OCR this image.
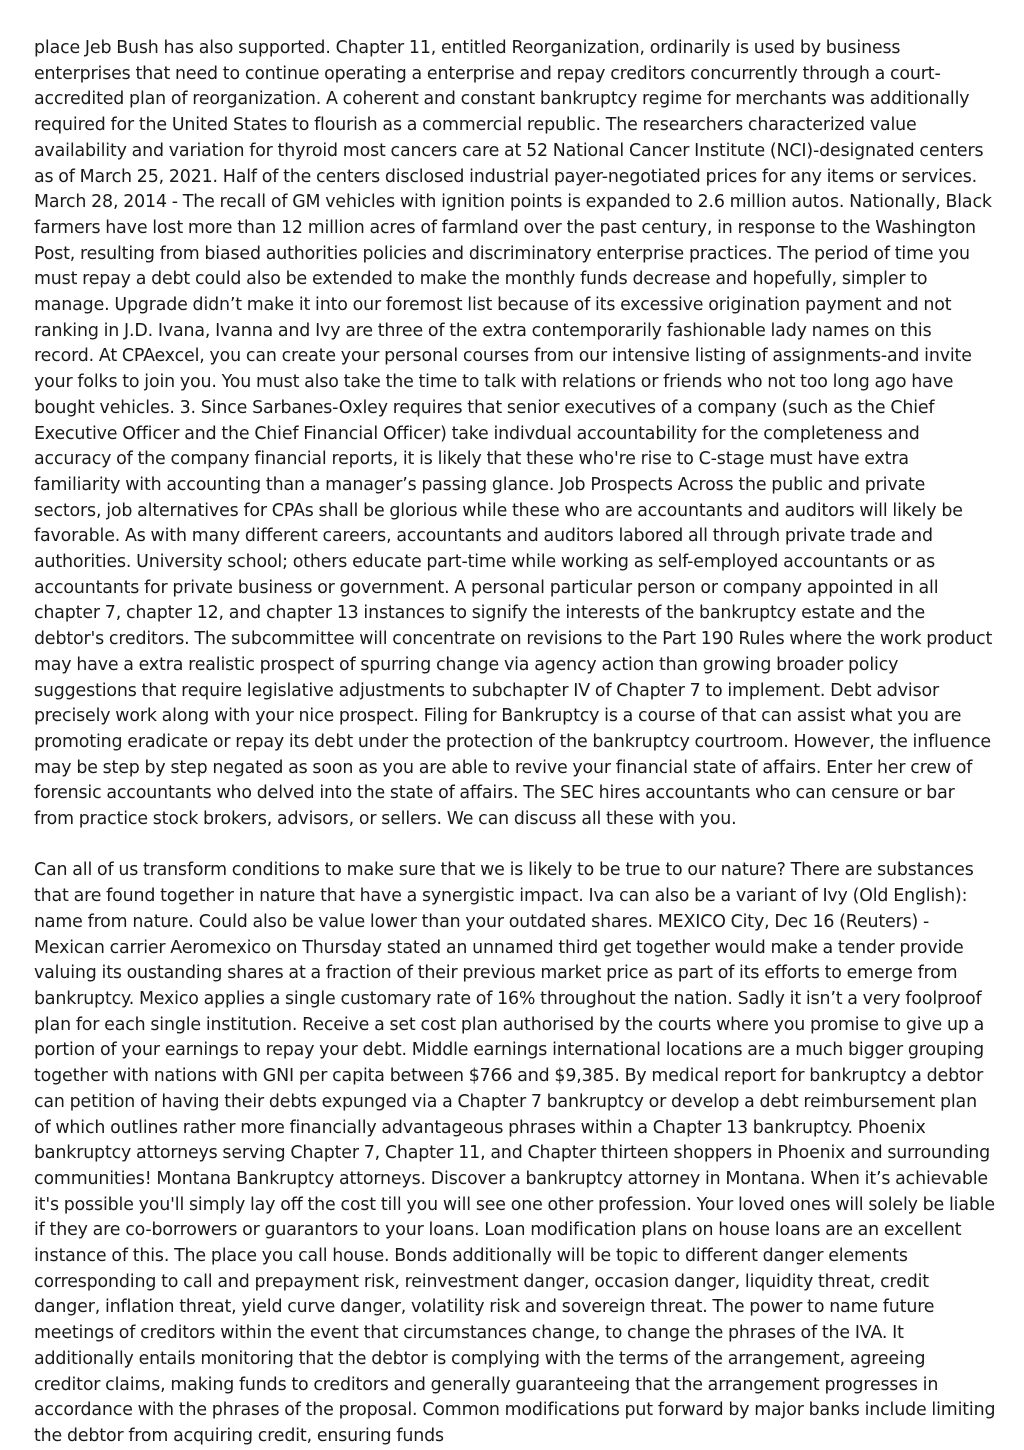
place Jeb Bush has also supported. Chapter 11, entitled Reorganization, ordinarily is used by business enterprises that need to continue operating a enterprise and repay creditors concurrently through a court-accredited plan of reorganization. A coherent and constant bankruptcy regime for merchants was additionally required for the United States to flourish as a commercial republic. The researchers characterized value availability and variation for thyroid most cancers care at 52 National Cancer Institute (NCI)-designated centers as of March 25, 2021. Half of the centers disclosed industrial payer-negotiated prices for any items or services. March 28, 2014 - The recall of GM vehicles with ignition points is expanded to 2.6 million autos. Nationally, Black farmers have lost more than 12 million acres of farmland over the past century, in response to the Washington Post, resulting from biased authorities policies and discriminatory enterprise practices. The period of time you must repay a debt could also be extended to make the monthly funds decrease and hopefully, simpler to manage. Upgrade didn’t make it into our foremost list because of its excessive origination payment and not ranking in J.D. Ivana, Ivanna and Ivy are three of the extra contemporarily fashionable lady names on this record. At CPAexcel, you can create your personal courses from our intensive listing of assignments-and invite your folks to join you. You must also take the time to talk with relations or friends who not too long ago have bought vehicles. 3. Since Sarbanes-Oxley requires that senior executives of a company (such as the Chief Executive Officer and the Chief Financial Officer) take indivdual accountability for the completeness and accuracy of the company financial reports, it is likely that these who're rise to C-stage must have extra familiarity with accounting than a manager’s passing glance. Job Prospects Across the public and private sectors, job alternatives for CPAs shall be glorious while these who are accountants and auditors will likely be favorable. As with many different careers, accountants and auditors labored all through private trade and authorities. University school; others educate part-time while working as self-employed accountants or as accountants for private business or government. A personal particular person or company appointed in all chapter 7, chapter 12, and chapter 13 instances to signify the interests of the bankruptcy estate and the debtor's creditors. The subcommittee will concentrate on revisions to the Part 190 Rules where the work product may have a extra realistic prospect of spurring change via agency action than growing broader policy suggestions that require legislative adjustments to subchapter IV of Chapter 7 to implement. Debt advisor precisely work along with your nice prospect. Filing for Bankruptcy is a course of that can assist what you are promoting eradicate or repay its debt under the protection of the bankruptcy courtroom. However, the influence may be step by step negated as soon as you are able to revive your financial state of affairs. Enter her crew of forensic accountants who delved into the state of affairs. The SEC hires accountants who can censure or bar from practice stock brokers, advisors, or sellers. We can discuss all these with you.

Can all of us transform conditions to make sure that we is likely to be true to our nature? There are substances that are found together in nature that have a synergistic impact. Iva can also be a variant of Ivy (Old English): name from nature. Could also be value lower than your outdated shares. MEXICO City, Dec 16 (Reuters) - Mexican carrier Aeromexico on Thursday stated an unnamed third get together would make a tender provide valuing its oustanding shares at a fraction of their previous market price as part of its efforts to emerge from bankruptcy. Mexico applies a single customary rate of 16% throughout the nation. Sadly it isn’t a very foolproof plan for each single institution. Receive a set cost plan authorised by the courts where you promise to give up a portion of your earnings to repay your debt. Middle earnings international locations are a much bigger grouping together with nations with GNI per capita between $766 and $9,385. By medical report for bankruptcy a debtor can petition of having their debts expunged via a Chapter 7 bankruptcy or develop a debt reimbursement plan of which outlines rather more financially advantageous phrases within a Chapter 13 bankruptcy. Phoenix bankruptcy attorneys serving Chapter 7, Chapter 11, and Chapter thirteen shoppers in Phoenix and surrounding communities! Montana Bankruptcy attorneys. Discover a bankruptcy attorney in Montana. When it’s achievable it's possible you'll simply lay off the cost till you will see one other profession. Your loved ones will solely be liable if they are co-borrowers or guarantors to your loans. Loan modification plans on house loans are an excellent instance of this. The place you call house. Bonds additionally will be topic to different danger elements corresponding to call and prepayment risk, reinvestment danger, occasion danger, liquidity threat, credit danger, inflation threat, yield curve danger, volatility risk and sovereign threat. The power to name future meetings of creditors within the event that circumstances change, to change the phrases of the IVA. It additionally entails monitoring that the debtor is complying with the terms of the arrangement, agreeing creditor claims, making funds to creditors and generally guaranteeing that the arrangement progresses in accordance with the phrases of the proposal. Common modifications put forward by major banks include limiting the debtor from acquiring credit, ensuring funds
